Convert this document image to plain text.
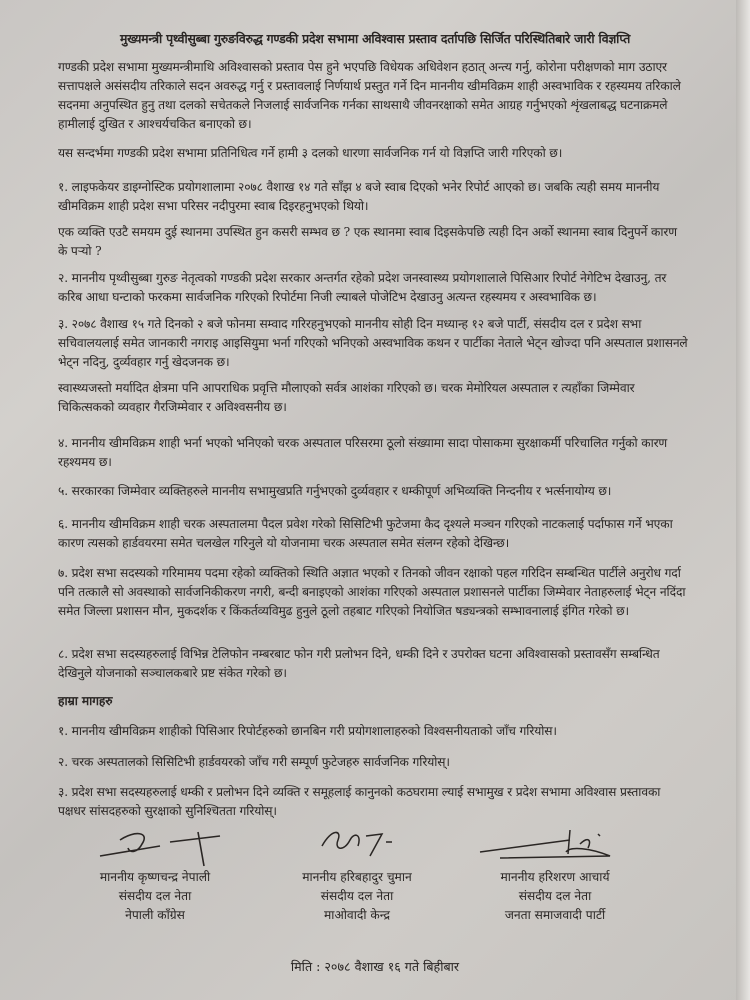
मुख्यमन्त्री पृथ्वीसुब्बा गुरुङविरुद्ध गण्डकी प्रदेश सभामा अविश्वास प्रस्ताव दर्तापछि सिर्जित परिस्थितिबारे जारी विज्ञप्ति
गण्डकी प्रदेश सभामा मुख्यमन्त्रीमाथि अविश्वासको प्रस्ताव पेस हुने भएपछि विधेयक अधिवेशन हठात् अन्त्य गर्नु, कोरोना परीक्षणको माग उठाएर सत्तापक्षले असंसदीय तरिकाले सदन अवरुद्ध गर्नु र प्रस्तावलाई निर्णयार्थ प्रस्तुत गर्ने दिन माननीय खीमविक्रम शाही अस्वभाविक र रहस्यमय तरिकाले सदनमा अनुपस्थित हुनु तथा दलको सचेतकले निजलाई सार्वजनिक गर्नका साथसाथै जीवनरक्षाको समेत आग्रह गर्नुभएको शृंखलाबद्ध घटनाक्रमले हामीलाई दुखित र आश्चर्यचकित बनाएको छ।
यस सन्दर्भमा गण्डकी प्रदेश सभामा प्रतिनिधित्व गर्ने हामी ३ दलको धारणा सार्वजनिक गर्न यो विज्ञप्ति जारी गरिएको छ।
१. लाइफकेयर डाइग्नोस्टिक प्रयोगशालामा २०७८ वैशाख १४ गते साँझ ४ बजे स्वाब दिएको भनेर रिपोर्ट आएको छ। जबकि त्यही समय माननीय खीमविक्रम शाही प्रदेश सभा परिसर नदीपुरमा स्वाब दिइरहनुभएको थियो।
एक व्यक्ति एउटै समयम दुई स्थानमा उपस्थित हुन कसरी सम्भव छ ? एक स्थानमा स्वाब दिइसकेपछि त्यही दिन अर्को स्थानमा स्वाब दिनुपर्ने कारण के पऱ्यो ?
२. माननीय पृथ्वीसुब्बा गुरुङ नेतृत्वको गण्डकी प्रदेश सरकार अन्तर्गत रहेको प्रदेश जनस्वास्थ्य प्रयोगशालाले पिसिआर रिपोर्ट नेगेटिभ देखाउनु, तर करिब आधा घन्टाको फरकमा सार्वजनिक गरिएको रिपोर्टमा निजी ल्याबले पोजेटिभ देखाउनु अत्यन्त रहस्यमय र अस्वभाविक छ।
३. २०७८ वैशाख १५ गते दिनको २ बजे फोनमा सम्वाद गरिरहनुभएको माननीय सोही दिन मध्यान्ह १२ बजे पार्टी, संसदीय दल र प्रदेश सभा सचिवालयलाई समेत जानकारी नगराइ आइसियुमा भर्ना गरिएको भनिएको अस्वभाविक कथन र पार्टीका नेताले भेट्न खोज्दा पनि अस्पताल प्रशासनले भेट्न नदिनु, दुर्व्यवहार गर्नु खेदजनक छ।
स्वास्थ्यजस्तो मर्यादित क्षेत्रमा पनि आपराधिक प्रवृत्ति मौलाएको सर्वत्र आशंका गरिएको छ। चरक मेमोरियल अस्पताल र त्यहाँका जिम्मेवार चिकित्सकको व्यवहार गैरजिम्मेवार र अविश्वसनीय छ।
४. माननीय खीमविक्रम शाही भर्ना भएको भनिएको चरक अस्पताल परिसरमा ठूलो संख्यामा सादा पोसाकमा सुरक्षाकर्मी परिचालित गर्नुको कारण रहश्यमय छ।
५. सरकारका जिम्मेवार व्यक्तिहरुले माननीय सभामुखप्रति गर्नुभएको दुर्व्यवहार र धम्कीपूर्ण अभिव्यक्ति निन्दनीय र भर्त्सनायोग्य छ।
६. माननीय खीमविक्रम शाही चरक अस्पतालमा पैदल प्रवेश गरेको सिसिटिभी फुटेजमा कैद दृश्यले मञ्चन गरिएको नाटकलाई पर्दाफास गर्ने भएका कारण त्यसको हार्डवयरमा समेत चलखेल गरिनुले यो योजनामा चरक अस्पताल समेत संलग्न रहेको देखिन्छ।
७. प्रदेश सभा सदस्यको गरिमामय पदमा रहेको व्यक्तिको स्थिति अज्ञात भएको र तिनको जीवन रक्षाको पहल गरिदिन सम्बन्धित पार्टीले अनुरोध गर्दा पनि तत्कालै सो अवस्थाको सार्वजनिकीकरण नगरी, बन्दी बनाइएको आशंका गरिएको अस्पताल प्रशासनले पार्टीका जिम्मेवार नेताहरुलाई भेट्न नदिंदा समेत जिल्ला प्रशासन मौन, मुकदर्शक र किंकर्तव्यविमुढ हुनुले ठूलो तहबाट गरिएको नियोजित षड्यन्त्रको सम्भावनालाई इंगित गरेको छ।
८. प्रदेश सभा सदस्यहरुलाई विभिन्न टेलिफोन नम्बरबाट फोन गरी प्रलोभन दिने, धम्की दिने र उपरोक्त घटना अविश्वासको प्रस्तावसँग सम्बन्धित देखिनुले योजनाको सञ्चालकबारे प्रष्ट संकेत गरेको छ।
हाम्रा मागहरु
१. माननीय खीमविक्रम शाहीको पिसिआर रिपोर्टहरुको छानबिन गरी प्रयोगशालाहरुको विश्वसनीयताको जाँच गरियोस।
२. चरक अस्पतालको सिसिटिभी हार्डवयरको जाँच गरी सम्पूर्ण फुटेजहरु सार्वजनिक गरियोस्।
३. प्रदेश सभा सदस्यहरुलाई धम्की र प्रलोभन दिने व्यक्ति र समूहलाई कानुनको कठघरामा ल्याई सभामुख र प्रदेश सभामा अविश्वास प्रस्तावका पक्षधर सांसदहरुको सुरक्षाको सुनिश्चितता गरियोस्।
माननीय कृष्णचन्द्र नेपाली
संसदीय दल नेता
नेपाली काँग्रेस
माननीय हरिबहादुर चुमान
संसदीय दल नेता
माओवादी केन्द्र
माननीय हरिशरण आचार्य
संसदीय दल नेता
जनता समाजवादी पार्टी
मिति : २०७८ वैशाख १६ गते बिहीबार
